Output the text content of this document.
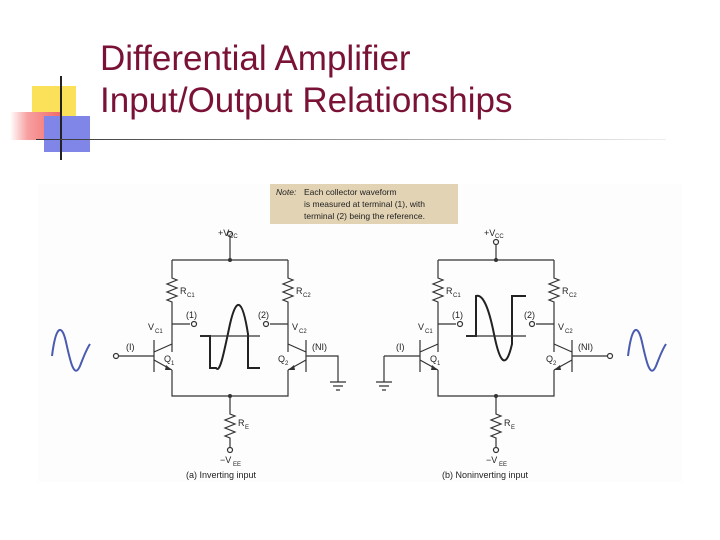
Differential Amplifier
Input/Output Relationships
Note: Each collector waveform
is measured at terminal (1), with
terminal (2) being the reference.
+V CC
R C1	R C2
(1)	(2)
V C1	V C2
(I)
Q 1
(NI)
Q 2
R E
−V EE
(a) Inverting input
+V CC
R C1	R C2
(1)	(2)
V C1	V C2
(I)
Q 1
(NI)
Q 2
R E
−V EE
(b) Noninverting input
